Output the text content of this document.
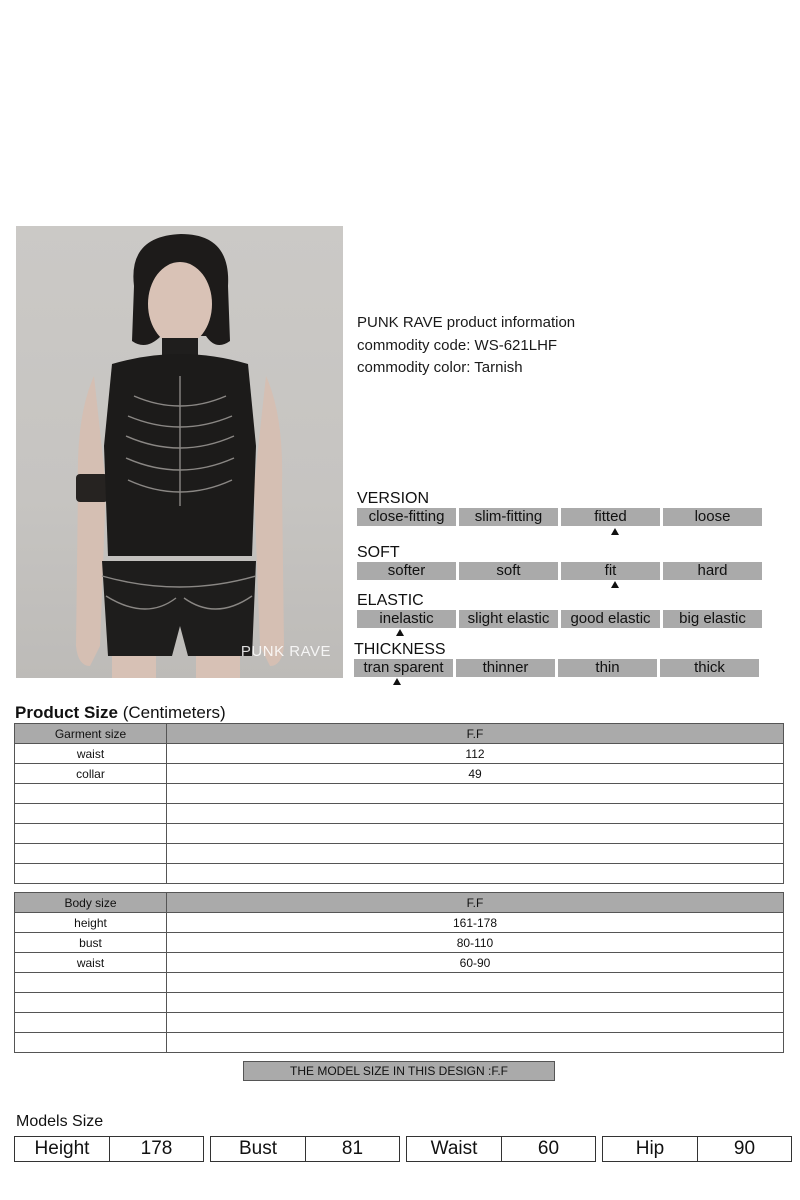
PUNK RAVE
PUNK RAVE product information
commodity code: WS-621LHF
commodity color: Tarnish
VERSION
close-fitting	slim-fitting	fitted	loose
SOFT
softer	soft	fit	hard
ELASTIC
inelastic	slight elastic	good elastic	big elastic
THICKNESS
tran sparent	thinner	thin	thick
Product Size (Centimeters)
Garment size	F.F
waist	112
collar	49

Body size	F.F
height	161-178
bust	80-110
waist	60-90

THE MODEL SIZE IN THIS DESIGN :F.F
Models Size
Height	178	Bust	81	Waist	60	Hip	90
